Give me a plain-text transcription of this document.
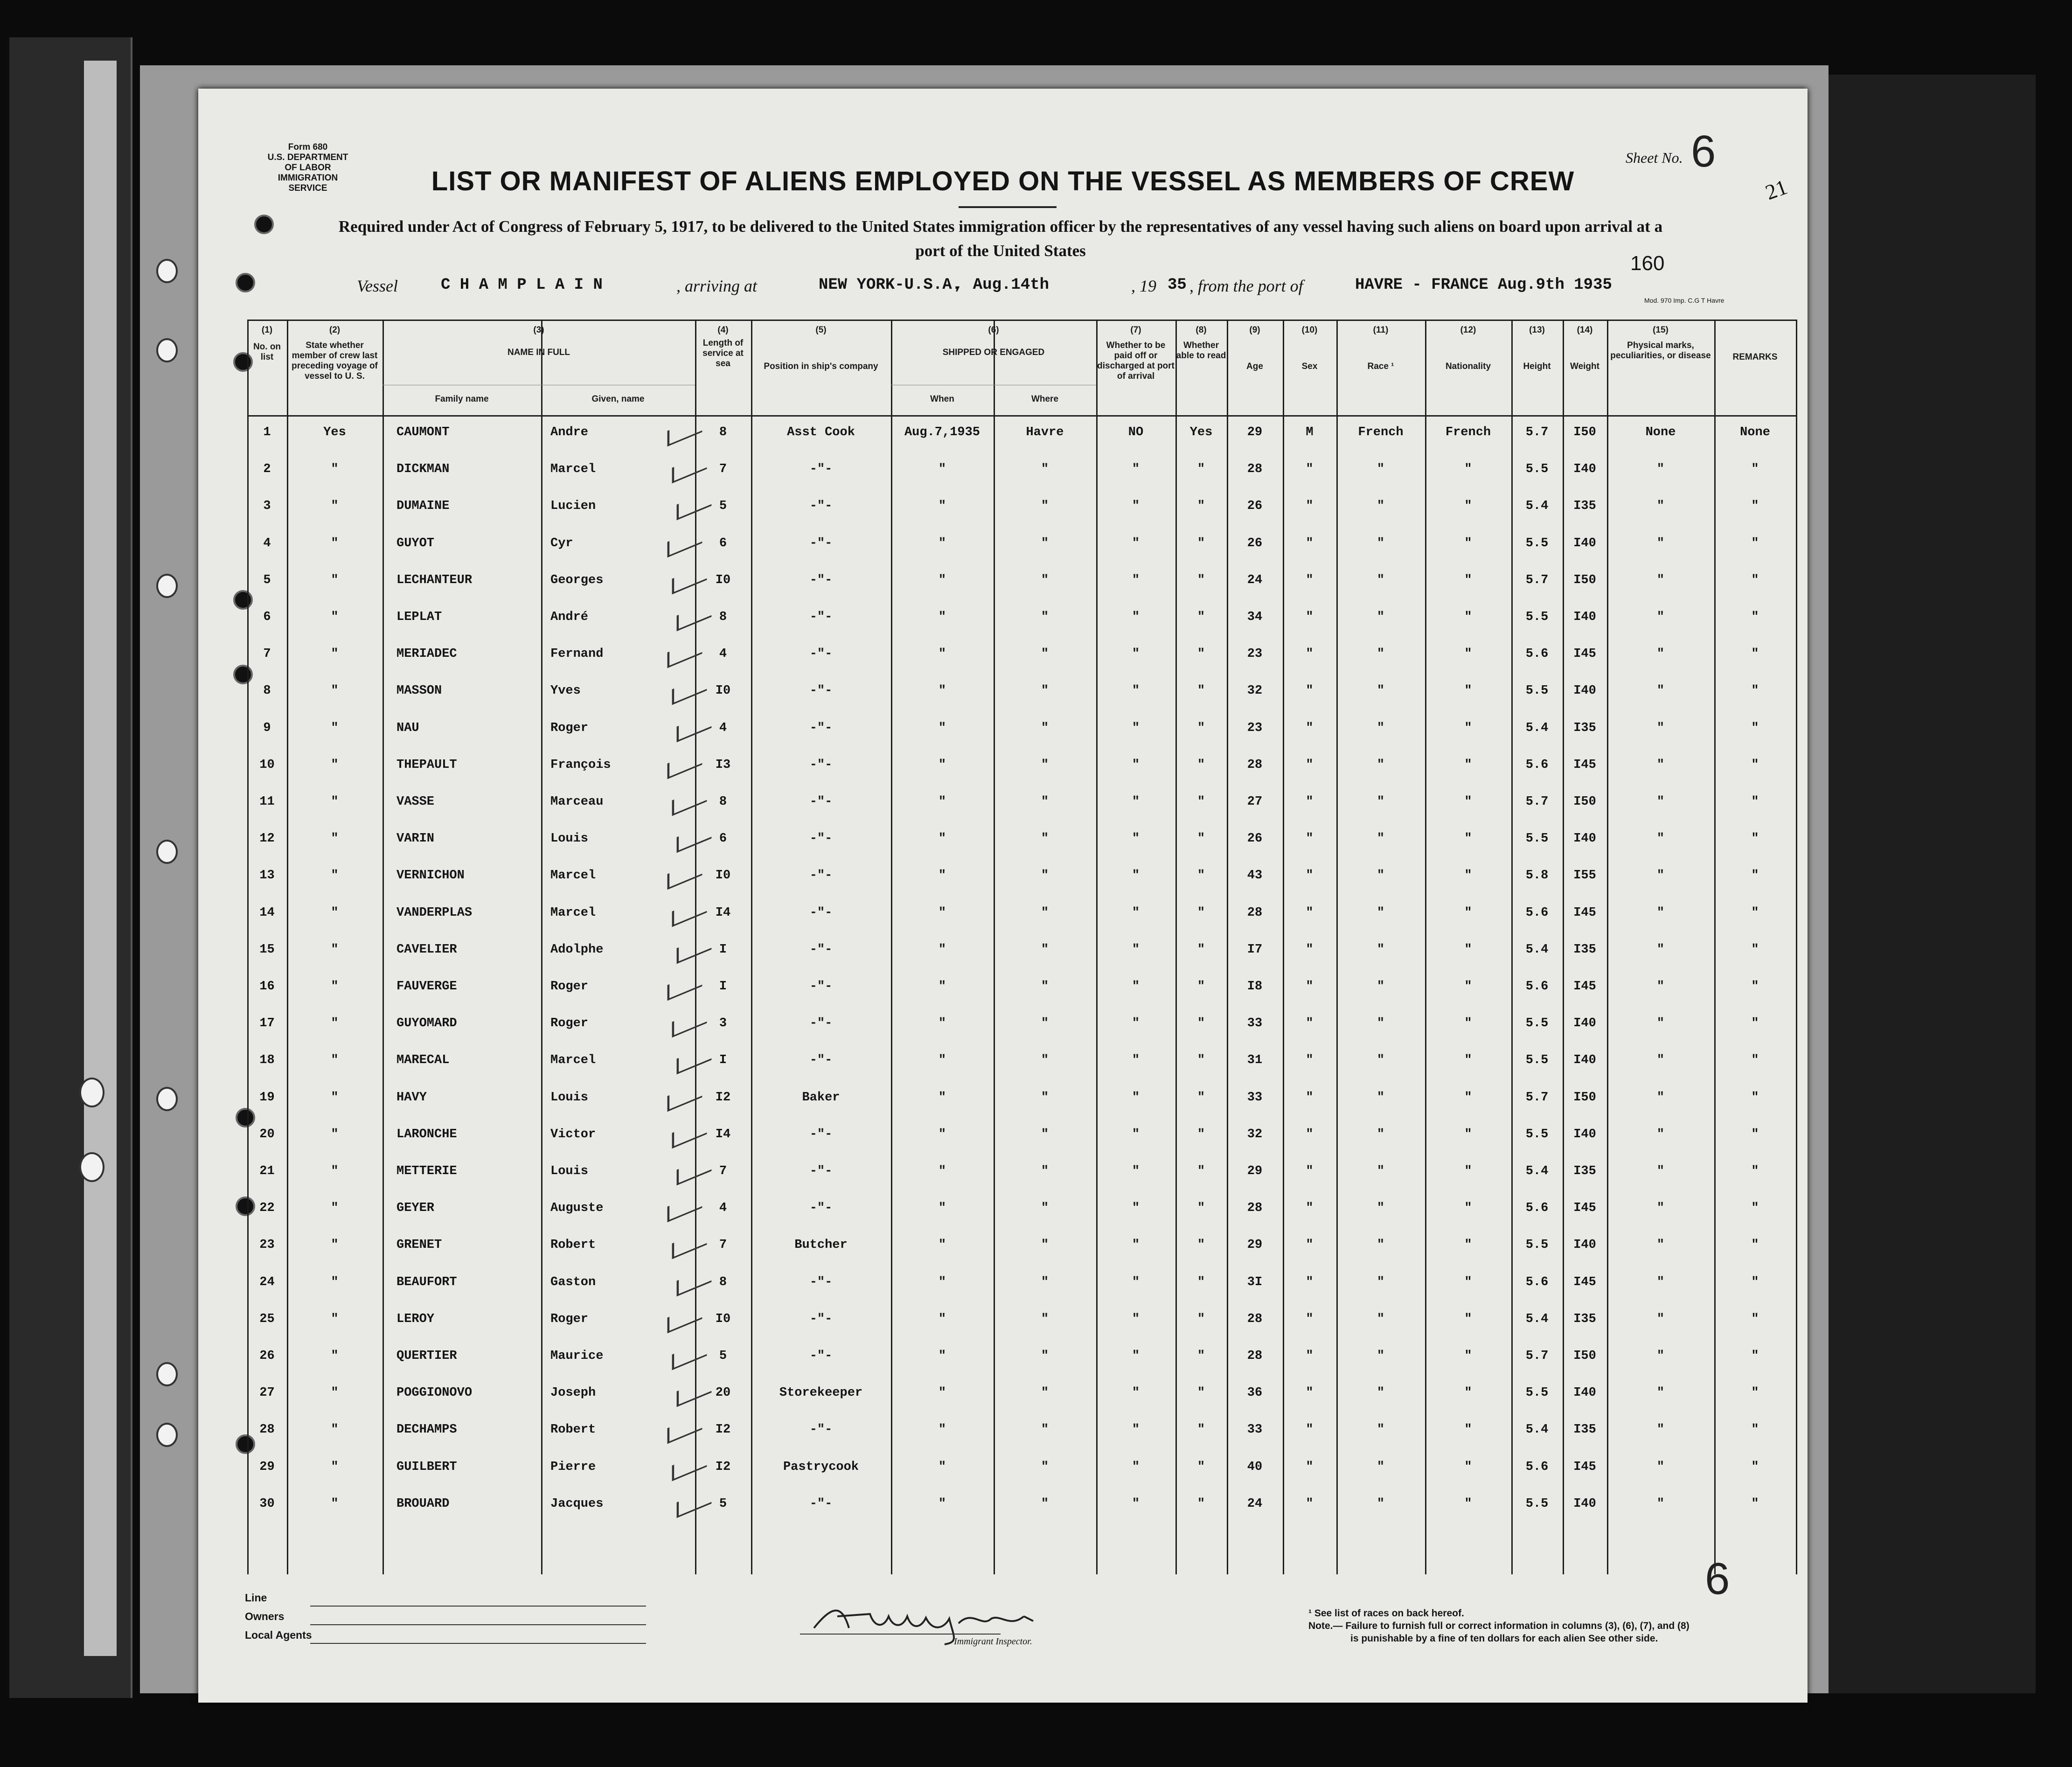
Form 680
U.S. DEPARTMENT OF LABOR
IMMIGRATION SERVICE
Sheet No. 6
21
LIST OR MANIFEST OF ALIENS EMPLOYED ON THE VESSEL AS MEMBERS OF CREW
Required under Act of Congress of February 5, 1917, to be delivered to the United States immigration officer by the representatives of any vessel having such aliens on board upon arrival at a
port of the United States
160
Vessel	C H A M P L A I N	, arriving at	NEW YORK-U.S.A.
, Aug.14th	, 19 35 , from the port of	HAVRE - FRANCE Aug.9th 1935
Mod. 970 Imp. C.G T Havre
No. on list
State whether member of crew last preceding voyage of vessel to U. S.
NAME IN FULL
Family name	Given, name
Length of service at sea	Position in ship's company
SHIPPED OR ENGAGED
When	Where
Whether to be paid off or discharged at port of arrival
Whether able to read
Age	Sex	Race ¹	Nationality
1	Yes	CAUMONT	Andre	8	Asst Cook	Aug.7,1935	Havre	NO	Yes	29	M	French	French	5.7	I50	None	None
2	"	DICKMAN	Marcel	7	-"-	"	"	"	"	28	"	"	"	5.5	I40	"	"
3	"	DUMAINE	Lucien	5	-"-	"	"	"	"	26	"	"	"	5.4	I35	"	"
4	"	GUYOT	Cyr	6	-"-	"	"	"	"	26	"	"	"	5.5	I40	"	"
5	"	LECHANTEUR	Georges	I0	-"-	"	"	"	"	24	"	"	"	5.7	I50	"	"
6	"	LEPLAT	André	8	-"-	"	"	"	"	34	"	"	"	5.5	I40	"	"
7	"	MERIADEC	Fernand	4	-"-	"	"	"	"	23	"	"	"	5.6	I45	"	"
8	"	MASSON	Yves	I0	-"-	"	"	"	"	32	"	"	"	5.5	I40	"	"
9	"	NAU	Roger	4	-"-	"	"	"	"	23	"	"	"	5.4	I35	"	"
10	"	THEPAULT	François	I3	-"-	"	"	"	"	28	"	"	"	5.6	I45	"	"
11	"	VASSE	Marceau	8	-"-	"	"	"	"	27	"	"	"	5.7	I50	"	"
12	"	VARIN	Louis	6	-"-	"	"	"	"	26	"	"	"	5.5	I40	"	"
13	"	VERNICHON	Marcel	I0	-"-	"	"	"	"	43	"	"	"	5.8	I55	"	"
14	"	VANDERPLAS	Marcel	I4	-"-	"	"	"	"	28	"	"	"	5.6	I45	"	"
15	"	CAVELIER	Adolphe	I	-"-	"	"	"	"	I7	"	"	"	5.4	I35	"	"
16	"	FAUVERGE	Roger	I	-"-	"	"	"	"	I8	"	"	"	5.6	I45	"	"
17	"	GUYOMARD	Roger	3	-"-	"	"	"	"	33	"	"	"	5.5	I40	"	"
18	"	MARECAL	Marcel	I	-"-	"	"	"	"	31	"	"	"	5.5	I40	"	"
19	"	HAVY	Louis	I2	Baker	"	"	"	"	33	"	"	"	5.7	I50	"	"
20	"	LARONCHE	Victor	I4	-"-	"	"	"	"	32	"	"	"	5.5	I40	"	"
21	"	METTERIE	Louis	7	-"-	"	"	"	"	29	"	"	"	5.4	I35	"	"
22	"	GEYER	Auguste	4	-"-	"	"	"	"	28	"	"	"	5.6	I45	"	"
23	"	GRENET	Robert	7	Butcher	"	"	"	"	29	"	"	"	5.5	I40	"	"
24	"	BEAUFORT	Gaston	8	-"-	"	"	"	"	3I	"	"	"	5.6	I45	"	"
25	"	LEROY	Roger	I0	-"-	"	"	"	"	28	"	"	"	5.4	I35	"	"
26	"	QUERTIER	Maurice	5	-"-	"	"	"	"	28	"	"	"	5.7	I50	"	"
27	"	POGGIONOVO	Joseph	20	Storekeeper	"	"	"	"	36	"	"	"	5.5	I40	"	"
28	"	DECHAMPS	Robert	I2	-"-	"	"	"	"	33	"	"	"	5.4	I35	"	"
29	"	GUILBERT	Pierre	I2	Pastrycook	"	"	"	"	40	"	"	"	5.6	I45	"	"
30	"	BROUARD	Jacques	5	-"-	"	"	"	"	24	"	"	"	5.5	I40	"	"
(1)	(2)	(3)	(4)	(5)	(6)	(7)	(8)	(9)	(10)	(11)	(12)	(13)	(14)	(15)
Height	Weight
Physical marks, peculiarities, or disease	REMARKS
Line
Owners
Local Agents
A Mongomer
Immigrant Inspector.
¹ See list of races on back hereof.
Note.— Failure to furnish full or correct information in columns (3), (6), (7), and (8)
is punishable by a fine of ten dollars for each alien See other side.
6
